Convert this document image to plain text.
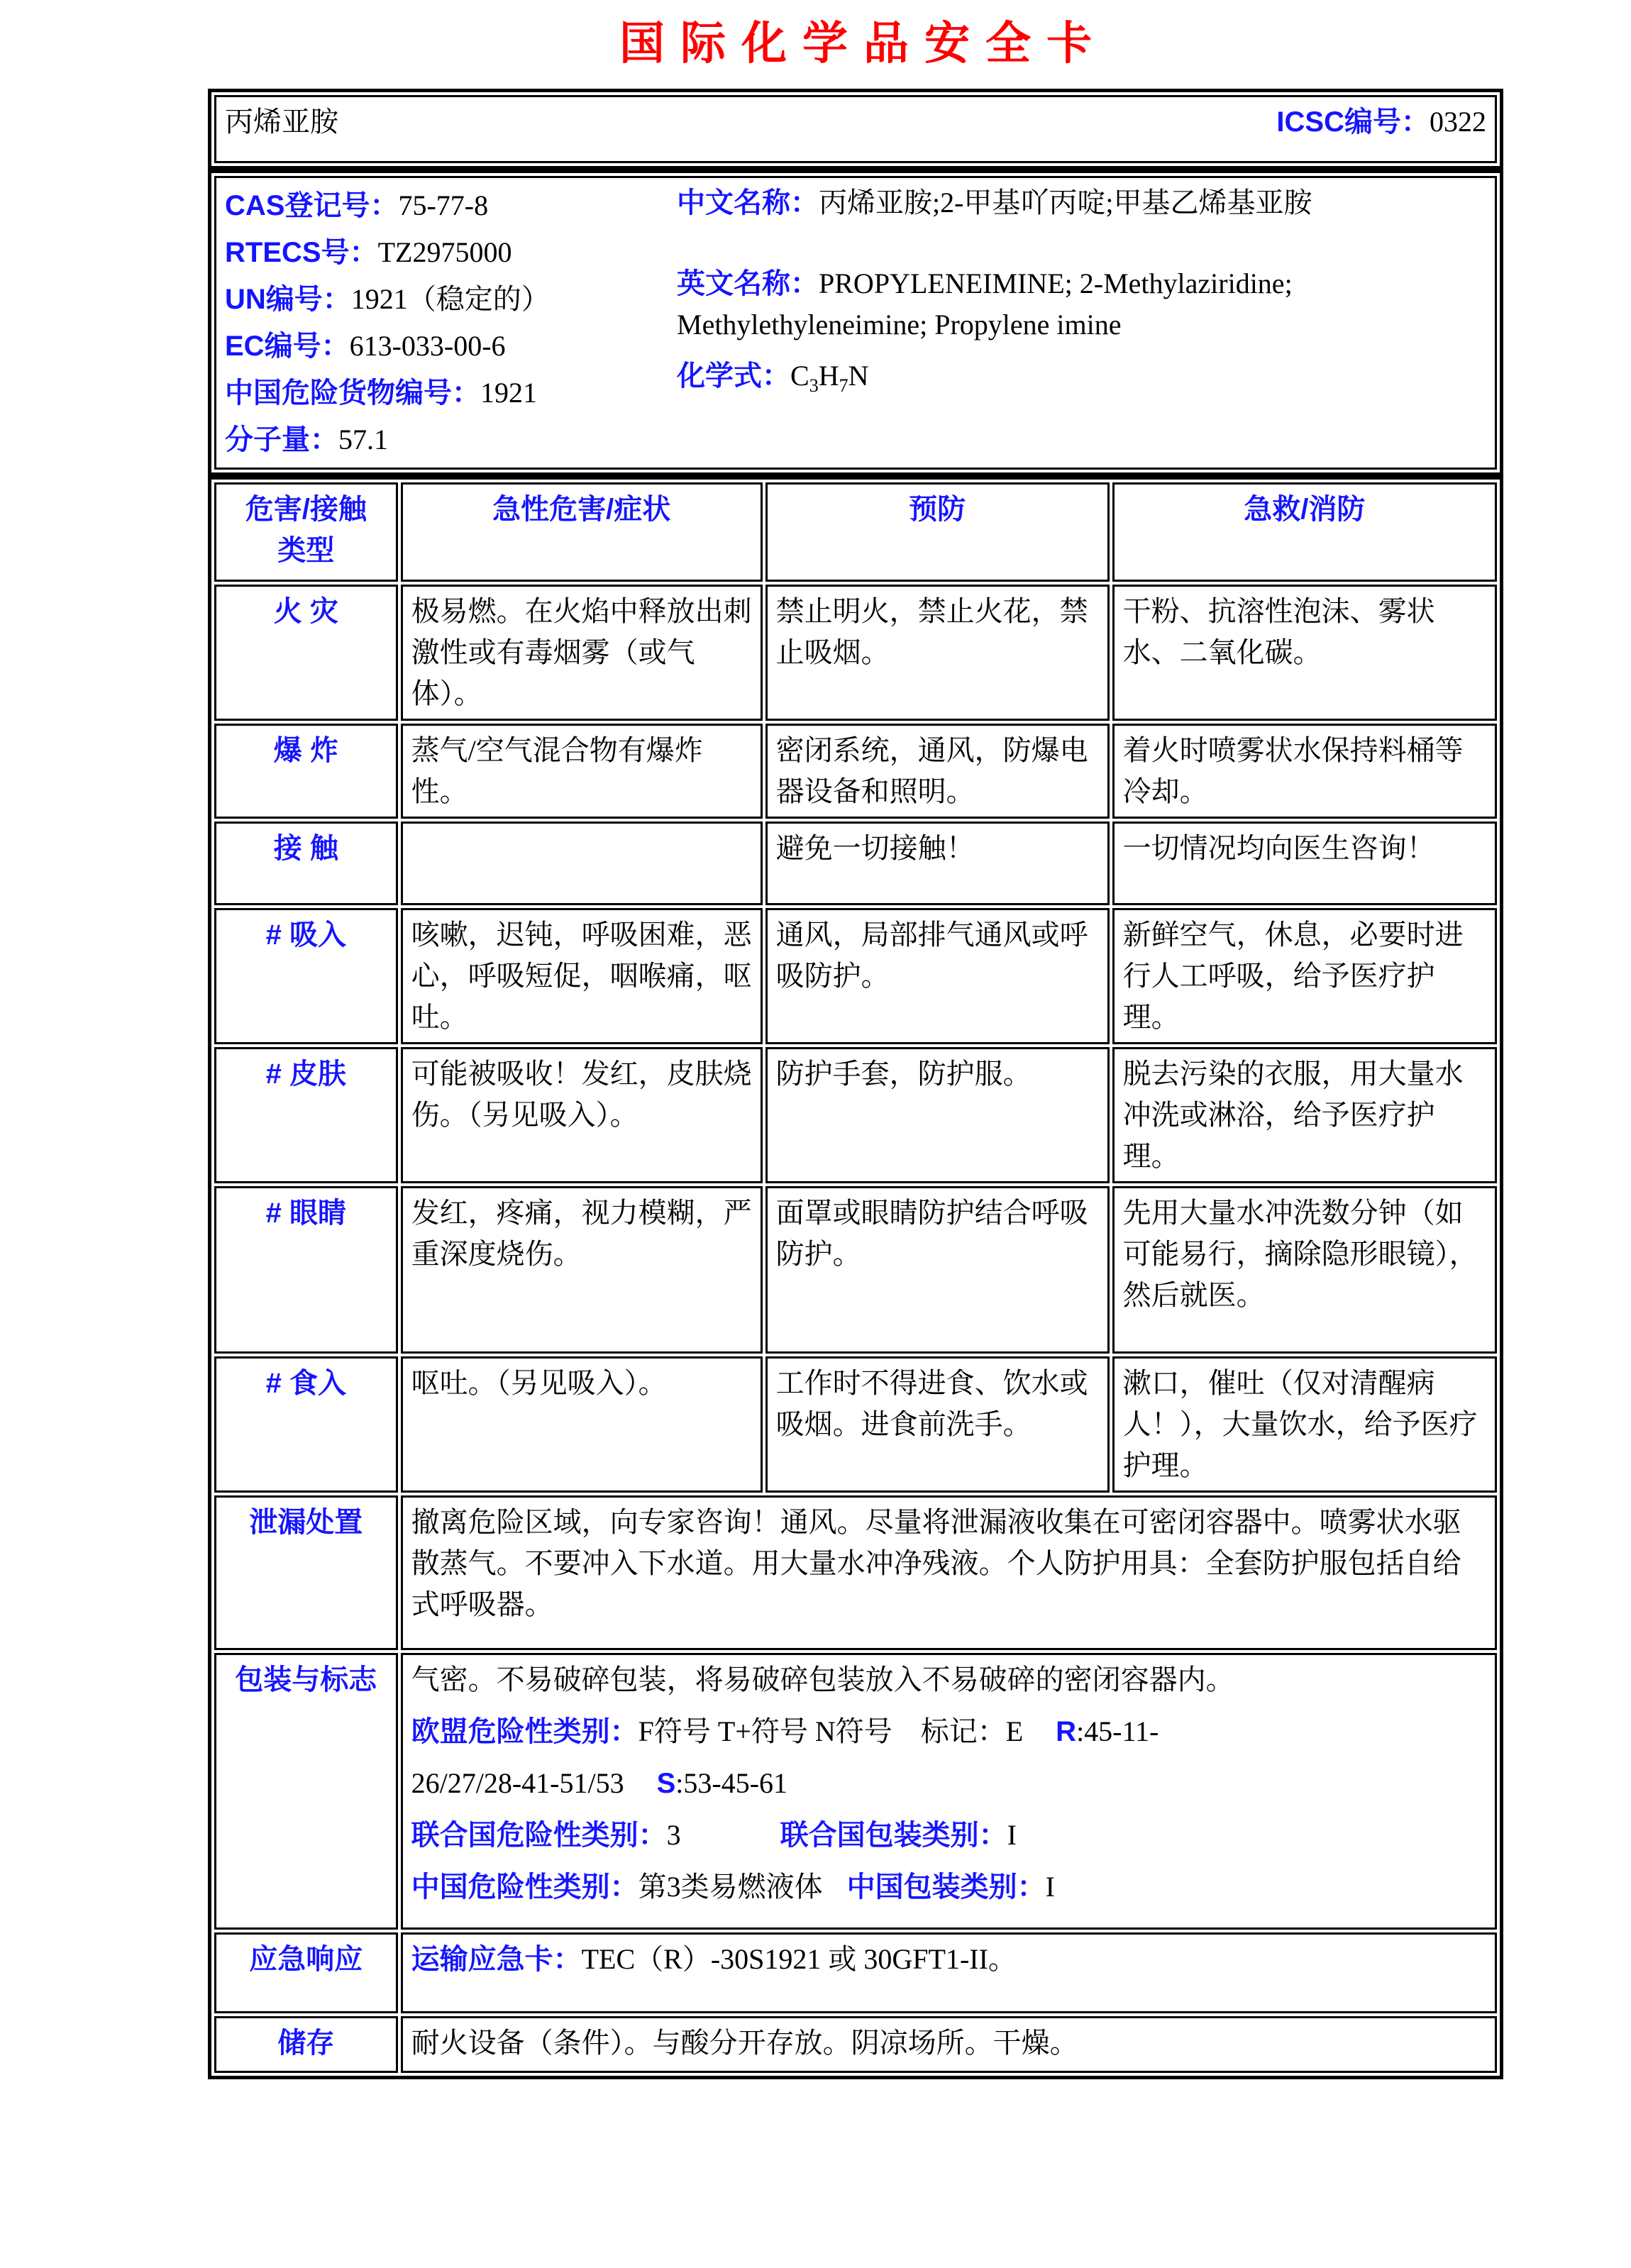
国际化学品安全卡
丙烯亚胺	ICSC编号：0322
CAS登记号：75-77-8
RTECS号：TZ2975000
UN编号：1921（稳定的）
EC编号：613-033-00-6
中国危险货物编号：1921
分子量：57.1
中文名称：丙烯亚胺;2-甲基吖丙啶;甲基乙烯基亚胺
英文名称：PROPYLENEIMINE; 2-Methylaziridine; Methylethyleneimine; Propylene imine
化学式：$C_3H_7N$
危害/接触
类型	急性危害/症状	预防	急救/消防
火 灾	极易燃。在火焰中释放出刺激性或有毒烟雾（或气体）。	禁止明火，禁止火花，禁止吸烟。	干粉、抗溶性泡沫、雾状水、二氧化碳。
爆 炸	蒸气/空气混合物有爆炸性。	密闭系统，通风，防爆电器设备和照明。	着火时喷雾状水保持料桶等冷却。
接 触		避免一切接触！	一切情况均向医生咨询！
# 吸入	咳嗽，迟钝，呼吸困难，恶心，呼吸短促，咽喉痛，呕吐。	通风，局部排气通风或呼吸防护。	新鲜空气，休息，必要时进行人工呼吸，给予医疗护理。
# 皮肤	可能被吸收！发红，皮肤烧伤。（另见吸入）。	防护手套，防护服。	脱去污染的衣服，用大量水冲洗或淋浴，给予医疗护理。
# 眼睛	发红，疼痛，视力模糊，严重深度烧伤。	面罩或眼睛防护结合呼吸防护。	先用大量水冲洗数分钟（如可能易行，摘除隐形眼镜），然后就医。
# 食入	呕吐。（另见吸入）。	工作时不得进食、饮水或吸烟。进食前洗手。	漱口，催吐（仅对清醒病人！），大量饮水，给予医疗护理。
泄漏处置	撤离危险区域，向专家咨询！通风。尽量将泄漏液收集在可密闭容器中。喷雾状水驱散蒸气。不要冲入下水道。用大量水冲净残液。个人防护用具：全套防护服包括自给式呼吸器。		
包装与标志	气密。不易破碎包装，将易破碎包装放入不易破碎的密闭容器内。
欧盟危险性类别：F符号 T+符号 N符号　标记：E R:45-11-
26/27/28-41-51/53 S:53-45-61
联合国危险性类别：3 联合国包装类别：I
中国危险性类别：第3类易燃液体 中国包装类别：I		

应急响应	运输应急卡：TEC（R）-30S1921 或 30GFT1-II。		
储存	耐火设备（条件）。与酸分开存放。阴凉场所。干燥。		
